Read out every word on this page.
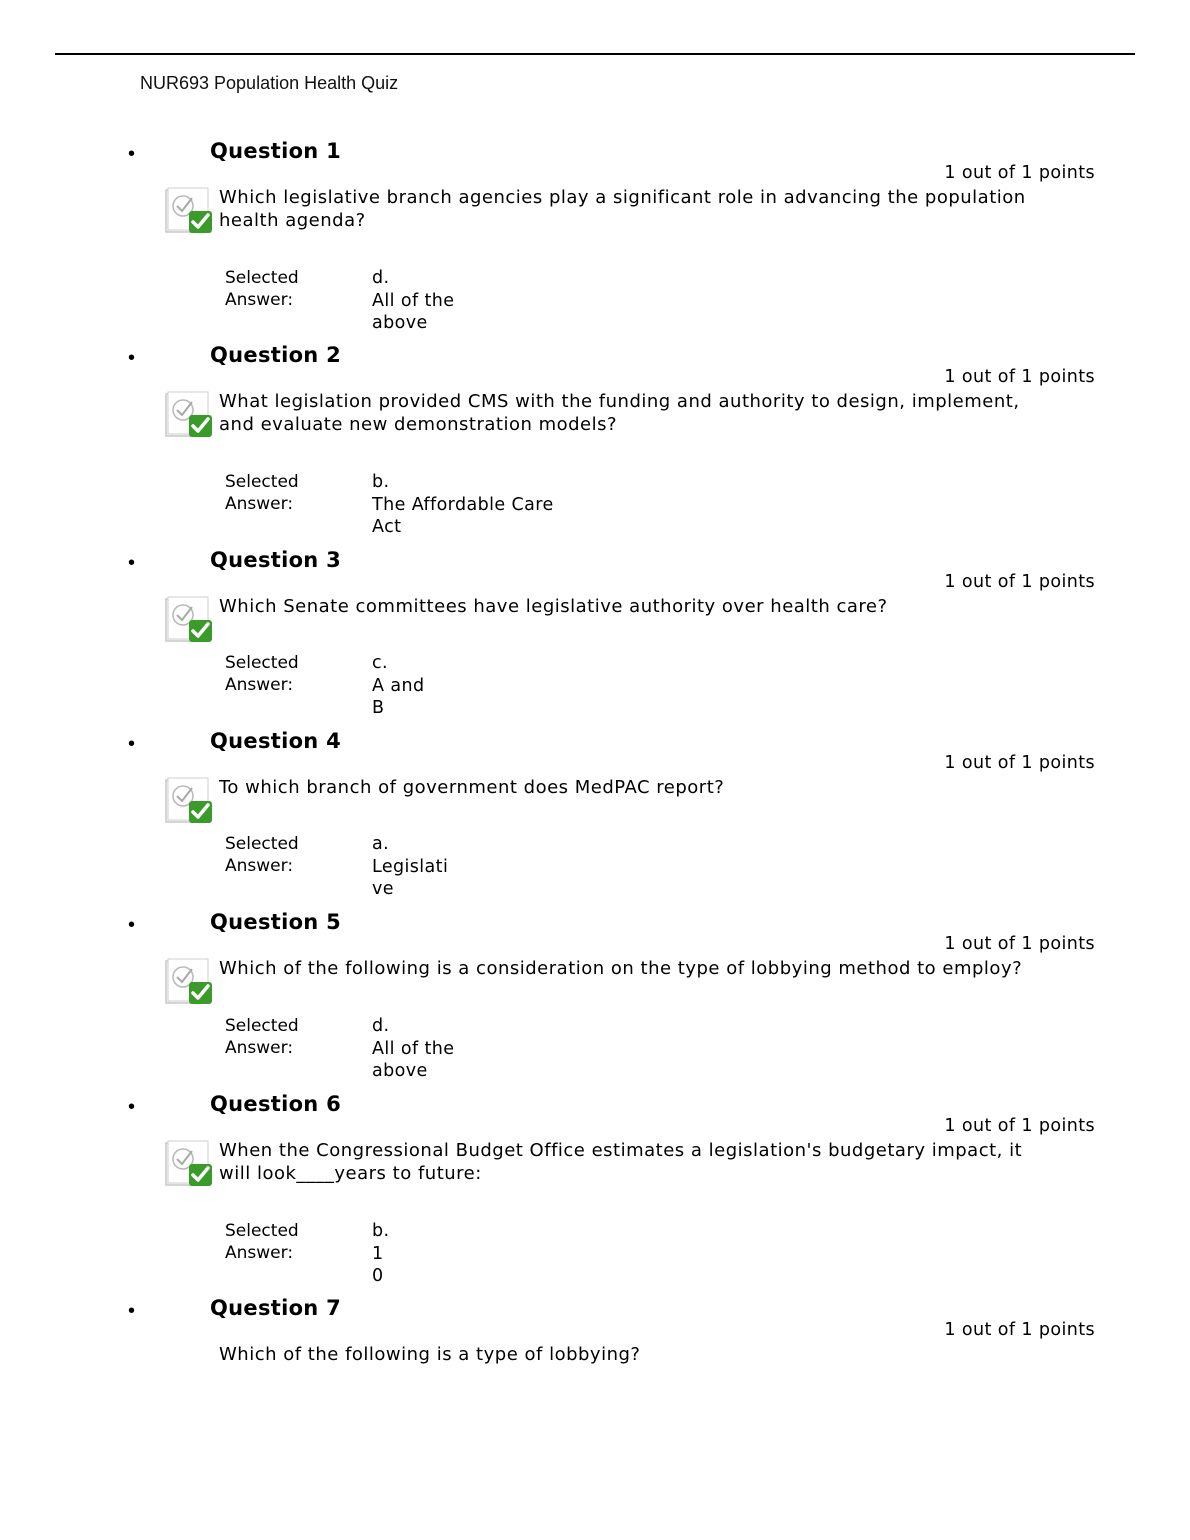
NUR693 Population Health Quiz
•	Question 1
1 out of 1 points
Which legislative branch agencies play a significant role in advancing the population
health agenda?
Selected
Answer:
d.
All of the
above
•	Question 2
1 out of 1 points
What legislation provided CMS with the funding and authority to design, implement,
and evaluate new demonstration models?
Selected
Answer:
b.
The Affordable Care
Act
•	Question 3
1 out of 1 points
Which Senate committees have legislative authority over health care?
Selected
Answer:
c.
A and
B
•	Question 4
1 out of 1 points
To which branch of government does MedPAC report?
Selected
Answer:
a.
Legislati
ve
•	Question 5
1 out of 1 points
Which of the following is a consideration on the type of lobbying method to employ?
Selected
Answer:
d.
All of the
above
•	Question 6
1 out of 1 points
When the Congressional Budget Office estimates a legislation's budgetary impact, it
will look____years to future:
Selected
Answer:
b.
1
0
•	Question 7
1 out of 1 points
Which of the following is a type of lobbying?
